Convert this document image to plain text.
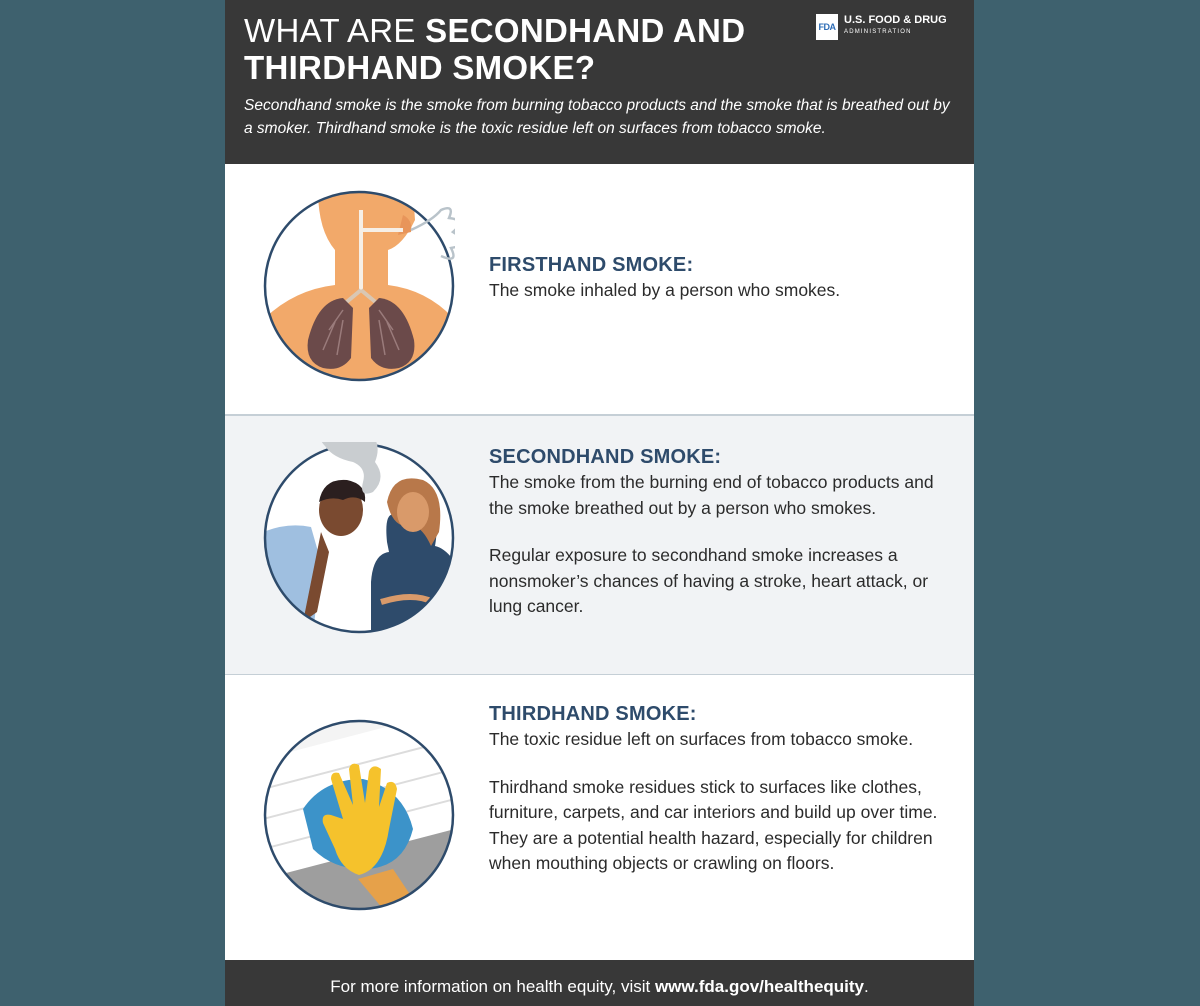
WHAT ARE SECONDHAND AND
THIRDHAND SMOKE?

Secondhand smoke is the smoke from burning tobacco products and the smoke that is breathed out by a smoker. Thirdhand smoke is the toxic residue left on surfaces from tobacco smoke.

FDA
U.S. FOOD & DRUG
ADMINISTRATION
FIRSTHAND SMOKE:

The smoke inhaled by a person who smokes.

SECONDHAND SMOKE:

The smoke from the burning end of tobacco products and the smoke breathed out by a person who smokes.

Regular exposure to secondhand smoke increases a nonsmoker’s chances of having a stroke, heart attack, or lung cancer.

THIRDHAND SMOKE:

The toxic residue left on surfaces from tobacco smoke.

Thirdhand smoke residues stick to surfaces like clothes, furniture, carpets, and car interiors and build up over time. They are a potential health hazard, especially for children when mouthing objects or crawling on floors.

For more information on health equity, visit www.fda.gov/healthequity.
